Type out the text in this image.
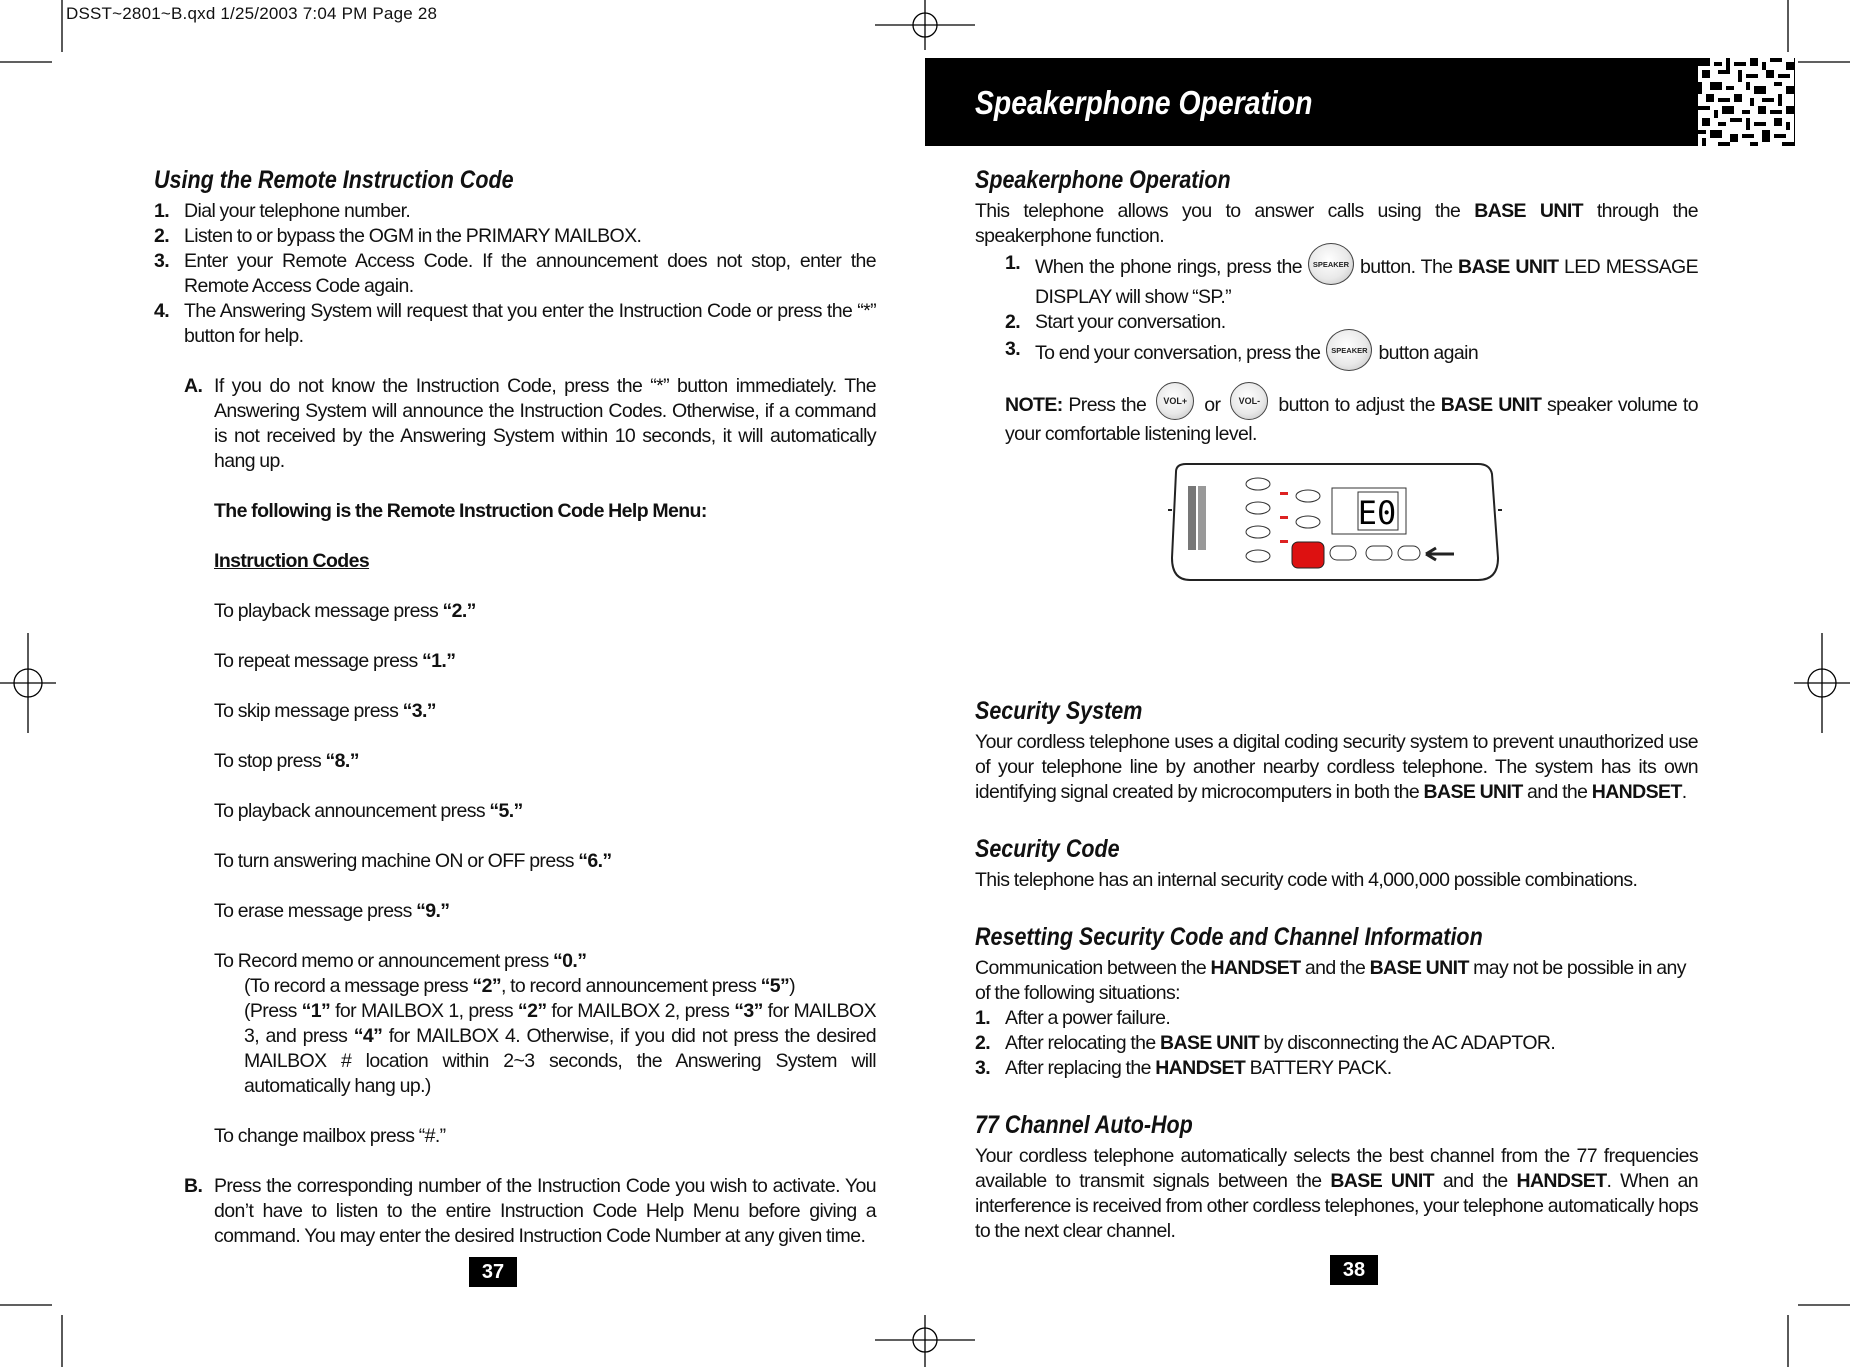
DSST~2801~B.qxd 1/25/2003 7:04 PM Page 28
Speakerphone Operation
Using the Remote Instruction Code
1. Dial your telephone number.
2. Listen to or bypass the OGM in the PRIMARY MAILBOX.
3. Enter your Remote Access Code. If the announcement does not stop, enter the Remote Access Code again.
4. The Answering System will request that you enter the Instruction Code or press the “*” button for help.
A. If you do not know the Instruction Code, press the “*” button immediately. The Answering System will announce the Instruction Codes. Otherwise, if a command is not received by the Answering System within 10 seconds, it will automatically hang up.
The following is the Remote Instruction Code Help Menu:
Instruction Codes
To playback message press “2.”
To repeat message press “1.”
To skip message press “3.”
To stop press “8.”
To playback announcement press “5.”
To turn answering machine ON or OFF press “6.”
To erase message press “9.”
To Record memo or announcement press “0.”
(To record a message press “2”, to record announcement press “5”)
(Press “1” for MAILBOX 1, press “2” for MAILBOX 2, press “3” for MAILBOX 3, and press “4” for MAILBOX 4. Otherwise, if you did not press the desired MAILBOX # location within 2~3 seconds, the Answering System will automatically hang up.)
To change mailbox press “#.”
B. Press the corresponding number of the Instruction Code you wish to activate. You don’t have to listen to the entire Instruction Code Help Menu before giving a command. You may enter the desired Instruction Code Number at any given time.
37
Speakerphone Operation
This telephone allows you to answer calls using the BASE UNIT through the speakerphone function.
1. When the phone rings, press the SPEAKER button. The BASE UNIT LED MESSAGE DISPLAY will show “SP.”
2. Start your conversation.
3. To end your conversation, press the SPEAKER button again
NOTE: Press the VOL+ or VOL- button to adjust the BASE UNIT speaker volume to your comfortable listening level.
E0
Security System
Your cordless telephone uses a digital coding security system to prevent unauthorized use of your telephone line by another nearby cordless telephone. The system has its own identifying signal created by microcomputers in both the BASE UNIT and the HANDSET.
Security Code
This telephone has an internal security code with 4,000,000 possible combinations.
Resetting Security Code and Channel Information
Communication between the HANDSET and the BASE UNIT may not be possible in any of the following situations:
1. After a power failure.
2. After relocating the BASE UNIT by disconnecting the AC ADAPTOR.
3. After replacing the HANDSET BATTERY PACK.
77 Channel Auto-Hop
Your cordless telephone automatically selects the best channel from the 77 frequencies available to transmit signals between the BASE UNIT and the HANDSET. When an interference is received from other cordless telephones, your telephone automatically hops to the next clear channel.
38
